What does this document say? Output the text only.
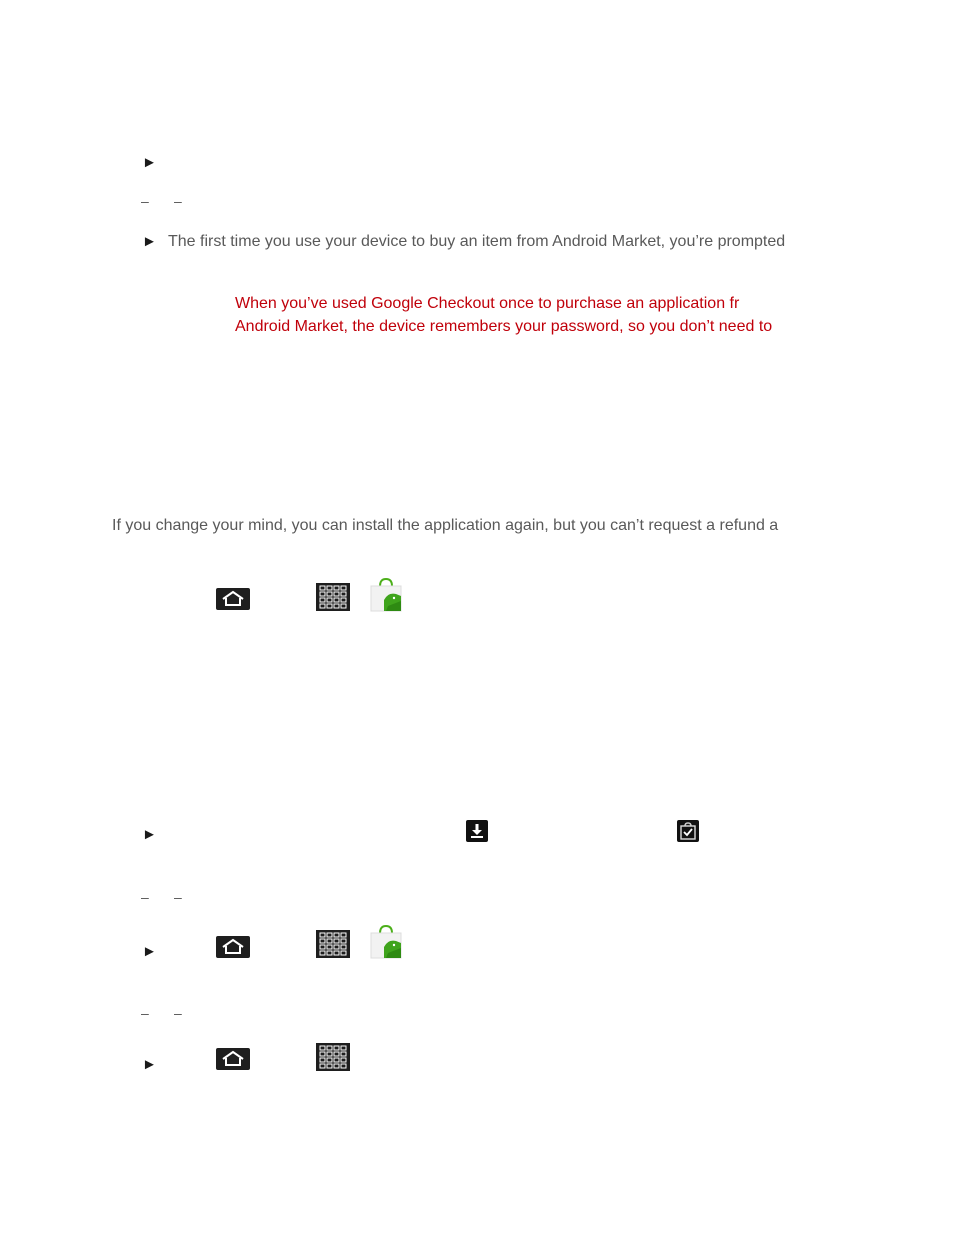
►
– –
► The first time you use your device to buy an item from Android Market, you’re prompted
When you’ve used Google Checkout once to purchase an application fr
Android Market, the device remembers your password, so you don’t need to
If you change your mind, you can install the application again, but you can’t request a refund a
►
– –
►
– –
►
